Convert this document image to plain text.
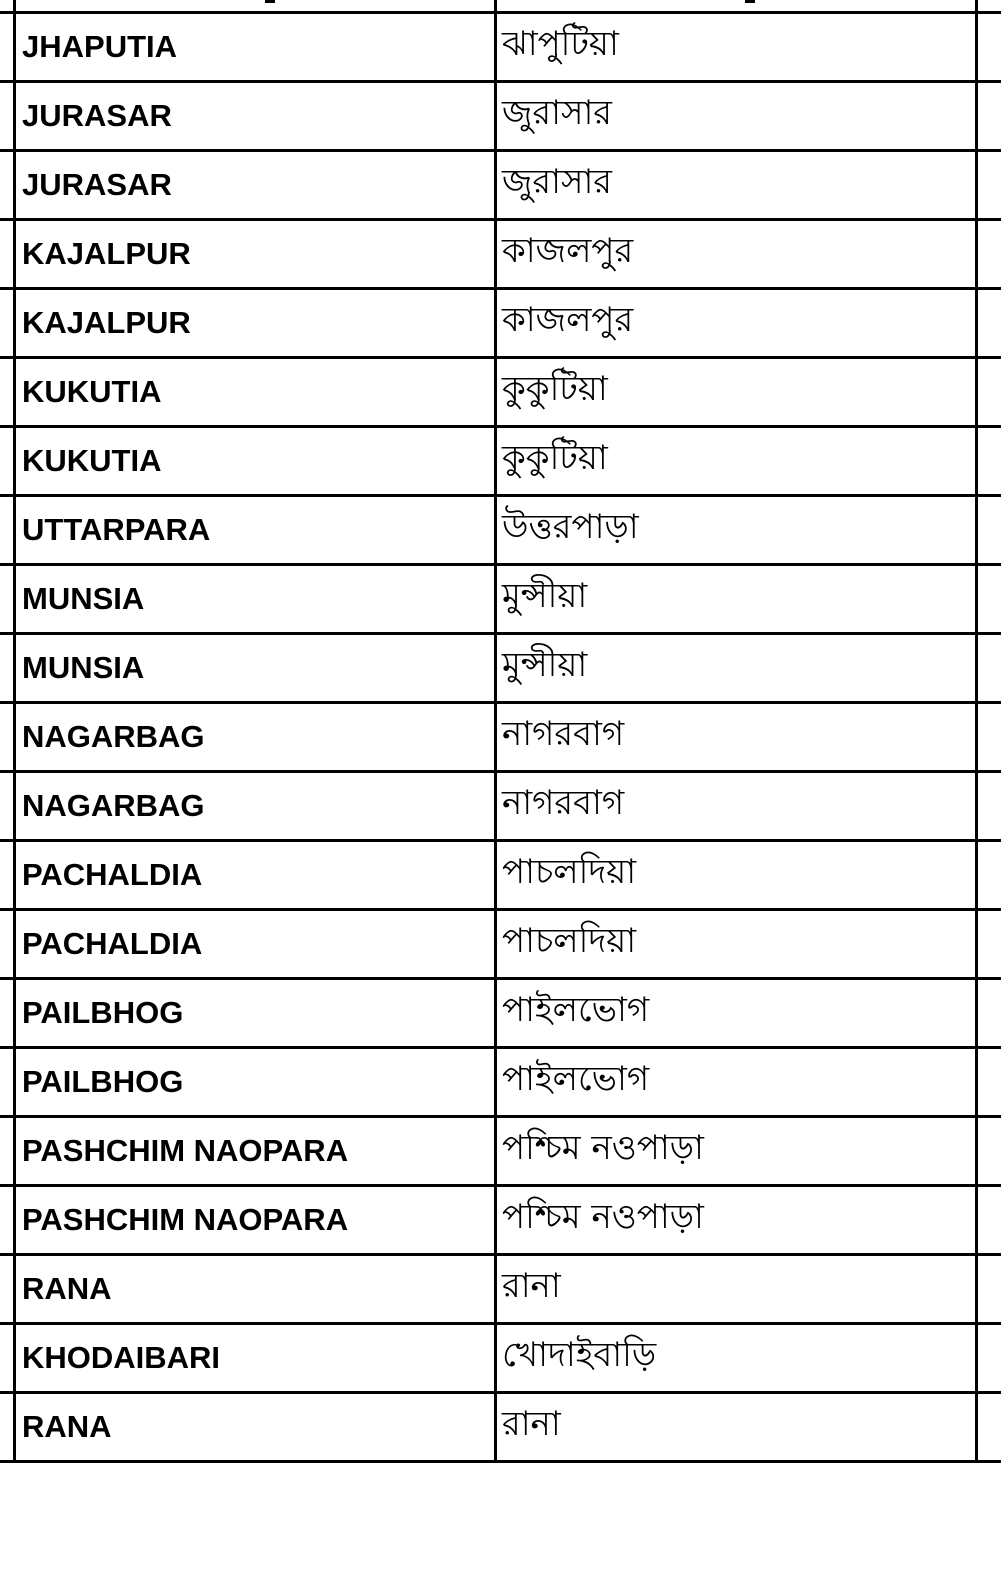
JHAPUTIA	ঝাপুটিয়া
JURASAR	জুরাসার
JURASAR	জুরাসার
KAJALPUR	কাজলপুর
KAJALPUR	কাজলপুর
KUKUTIA	কুকুটিয়া
KUKUTIA	কুকুটিয়া
UTTARPARA	উত্তরপাড়া
MUNSIA	মুন্সীয়া
MUNSIA	মুন্সীয়া
NAGARBAG	নাগরবাগ
NAGARBAG	নাগরবাগ
PACHALDIA	পাচলদিয়া
PACHALDIA	পাচলদিয়া
PAILBHOG	পাইলভোগ
PAILBHOG	পাইলভোগ
PASHCHIM NAOPARA	পশ্চিম নওপাড়া
PASHCHIM NAOPARA	পশ্চিম নওপাড়া
RANA	রানা
KHODAIBARI	খোদাইবাড়ি
RANA	রানা
